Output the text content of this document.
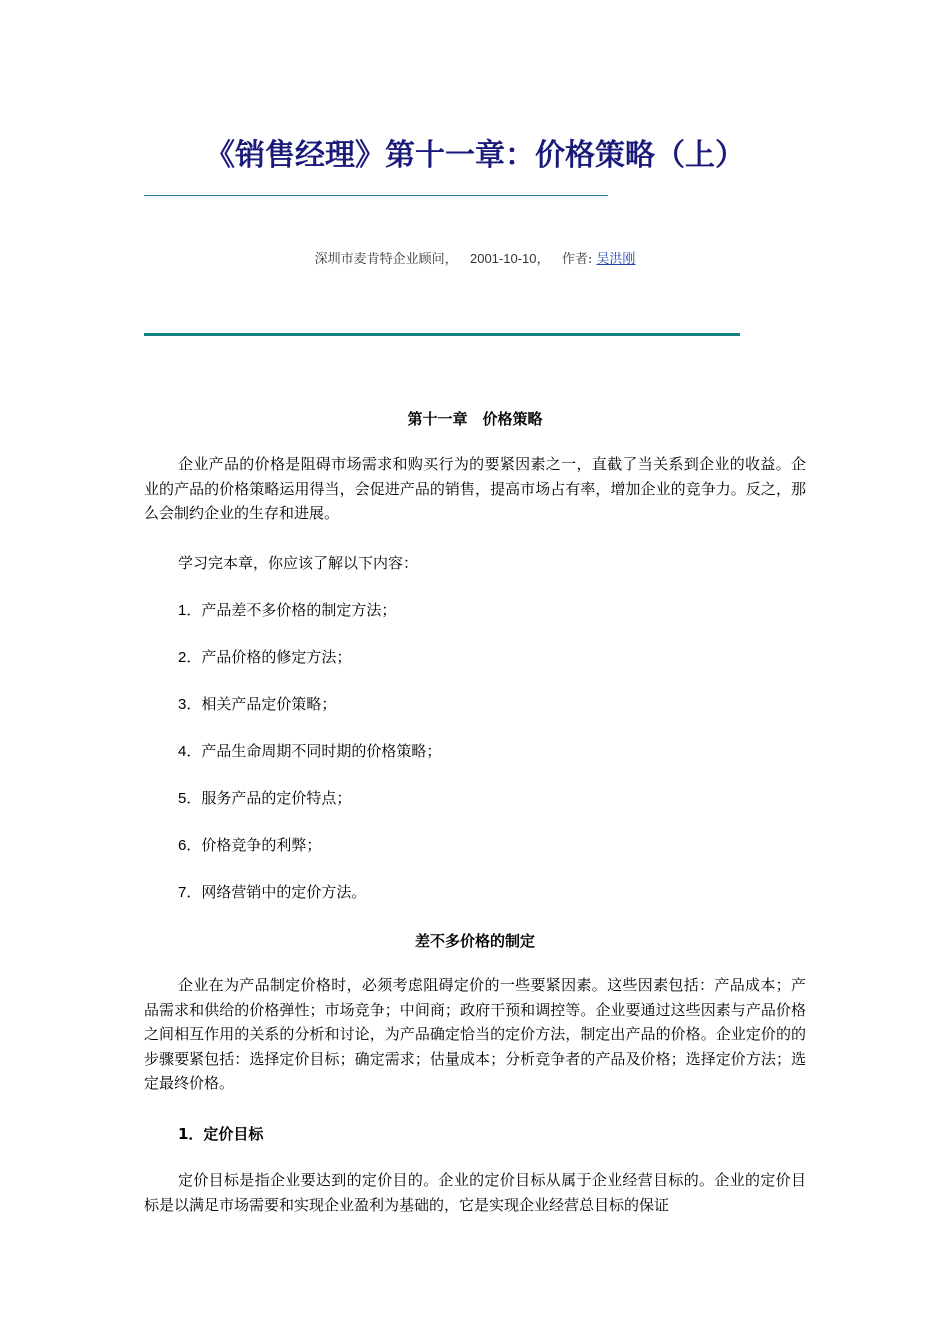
《销售经理》第十一章：价格策略（上）
深圳市麦肯特企业顾问， 2001-10-10， 作者: 吴洪刚
第十一章　价格策略
企业产品的价格是阻碍市场需求和购买行为的要紧因素之一，直截了当关系到企业的收益。企业的产品的价格策略运用得当，会促进产品的销售，提高市场占有率，增加企业的竞争力。反之，那么会制约企业的生存和进展。
学习完本章，你应该了解以下内容：
1．产品差不多价格的制定方法；
2．产品价格的修定方法；
3．相关产品定价策略；
4．产品生命周期不同时期的价格策略；
5．服务产品的定价特点；
6．价格竞争的利弊；
7．网络营销中的定价方法。
差不多价格的制定
企业在为产品制定价格时，必须考虑阻碍定价的一些要紧因素。这些因素包括：产品成本；产品需求和供给的价格弹性；市场竞争；中间商；政府干预和调控等。企业要通过这些因素与产品价格之间相互作用的关系的分析和讨论，为产品确定恰当的定价方法，制定出产品的价格。企业定价的的步骤要紧包括：选择定价目标；确定需求；估量成本；分析竞争者的产品及价格；选择定价方法；选定最终价格。
1．定价目标
定价目标是指企业要达到的定价目的。企业的定价目标从属于企业经营目标的。企业的定价目标是以满足市场需要和实现企业盈利为基础的，它是实现企业经营总目标的保证
